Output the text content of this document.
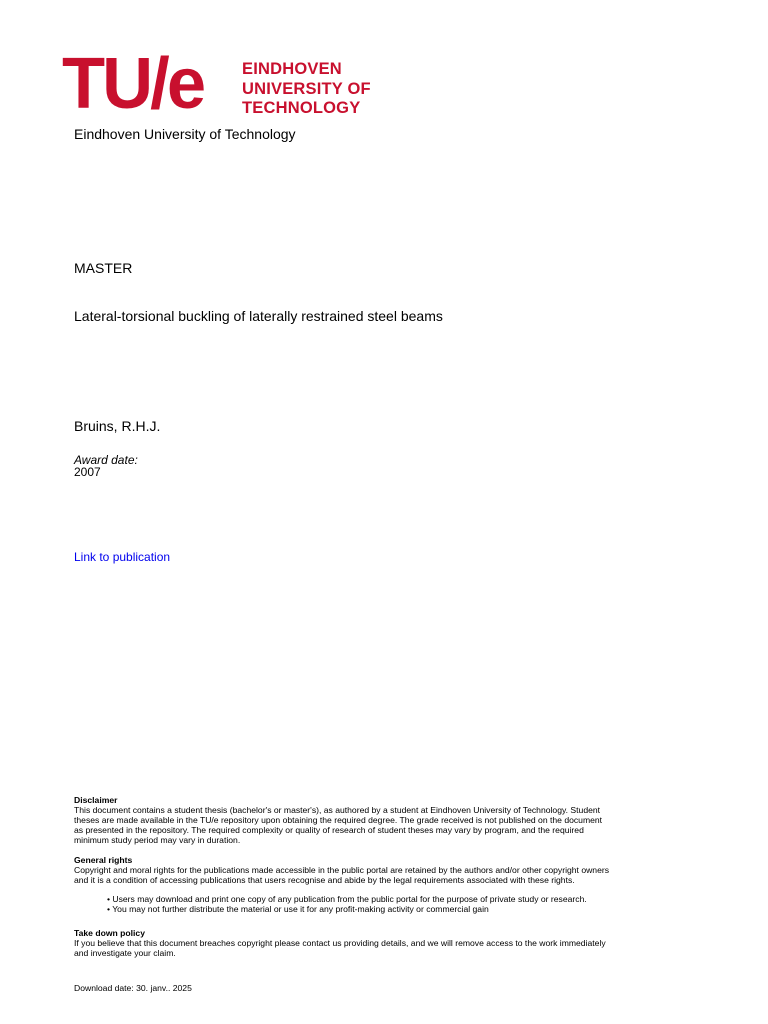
TU/e EINDHOVEN
UNIVERSITY OF
TECHNOLOGY
Eindhoven University of Technology
MASTER
Lateral-torsional buckling of laterally restrained steel beams
Bruins, R.H.J.
Award date:
2007
Link to publication
Disclaimer
This document contains a student thesis (bachelor's or master's), as authored by a student at Eindhoven University of Technology. Student
theses are made available in the TU/e repository upon obtaining the required degree. The grade received is not published on the document
as presented in the repository. The required complexity or quality of research of student theses may vary by program, and the required
minimum study period may vary in duration.
General rights
Copyright and moral rights for the publications made accessible in the public portal are retained by the authors and/or other copyright owners
and it is a condition of accessing publications that users recognise and abide by the legal requirements associated with these rights.
• Users may download and print one copy of any publication from the public portal for the purpose of private study or research.
• You may not further distribute the material or use it for any profit-making activity or commercial gain
Take down policy
If you believe that this document breaches copyright please contact us providing details, and we will remove access to the work immediately
and investigate your claim.
Download date: 30. janv.. 2025
